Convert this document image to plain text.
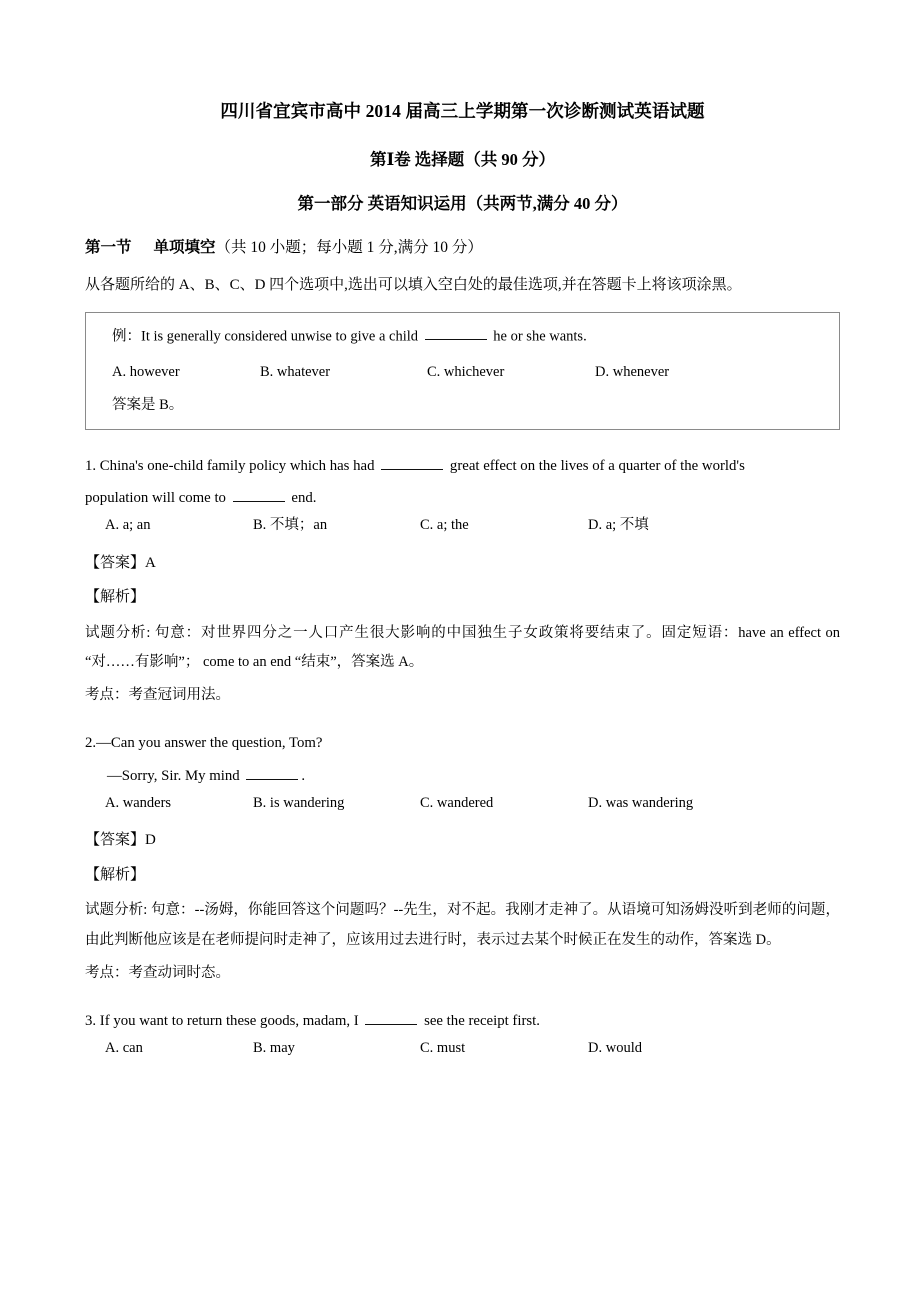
四川省宜宾市高中 2014 届高三上学期第一次诊断测试英语试题
第Ⅰ卷 选择题（共 90 分）
第一部分 英语知识运用（共两节,满分 40 分）
第一节 单项填空（共 10 小题；每小题 1 分,满分 10 分）
从各题所给的 A、B、C、D 四个选项中,选出可以填入空白处的最佳选项,并在答题卡上将该项涂黑。
例：It is generally considered unwise to give a child	he or she wants.
A. however	B. whatever	C. whichever	D. whenever
答案是 B。
1. China's one-child family policy which has had	great effect on the lives of a quarter of the world's
population will come to	end.
A. a; an	B. 不填；an	C. a; the	D. a; 不填
【答案】A
【解析】
试题分析: 句意：对世界四分之一人口产生很大影响的中国独生子女政策将要结束了。固定短语：have an effect on “对……有影响”； come to an end “结束”，答案选 A。
考点：考查冠词用法。
2.—Can you answer the question, Tom?
—Sorry, Sir. My mind	.
A. wanders	B. is wandering	C. wandered	D. was wandering
【答案】D
【解析】
试题分析: 句意：--汤姆，你能回答这个问题吗？--先生，对不起。我刚才走神了。从语境可知汤姆没听到老师的问题，由此判断他应该是在老师提问时走神了，应该用过去进行时，表示过去某个时候正在发生的动作，答案选 D。
考点：考查动词时态。
3. If you want to return these goods, madam, I	see the receipt first.
A. can	B. may	C. must	D. would
